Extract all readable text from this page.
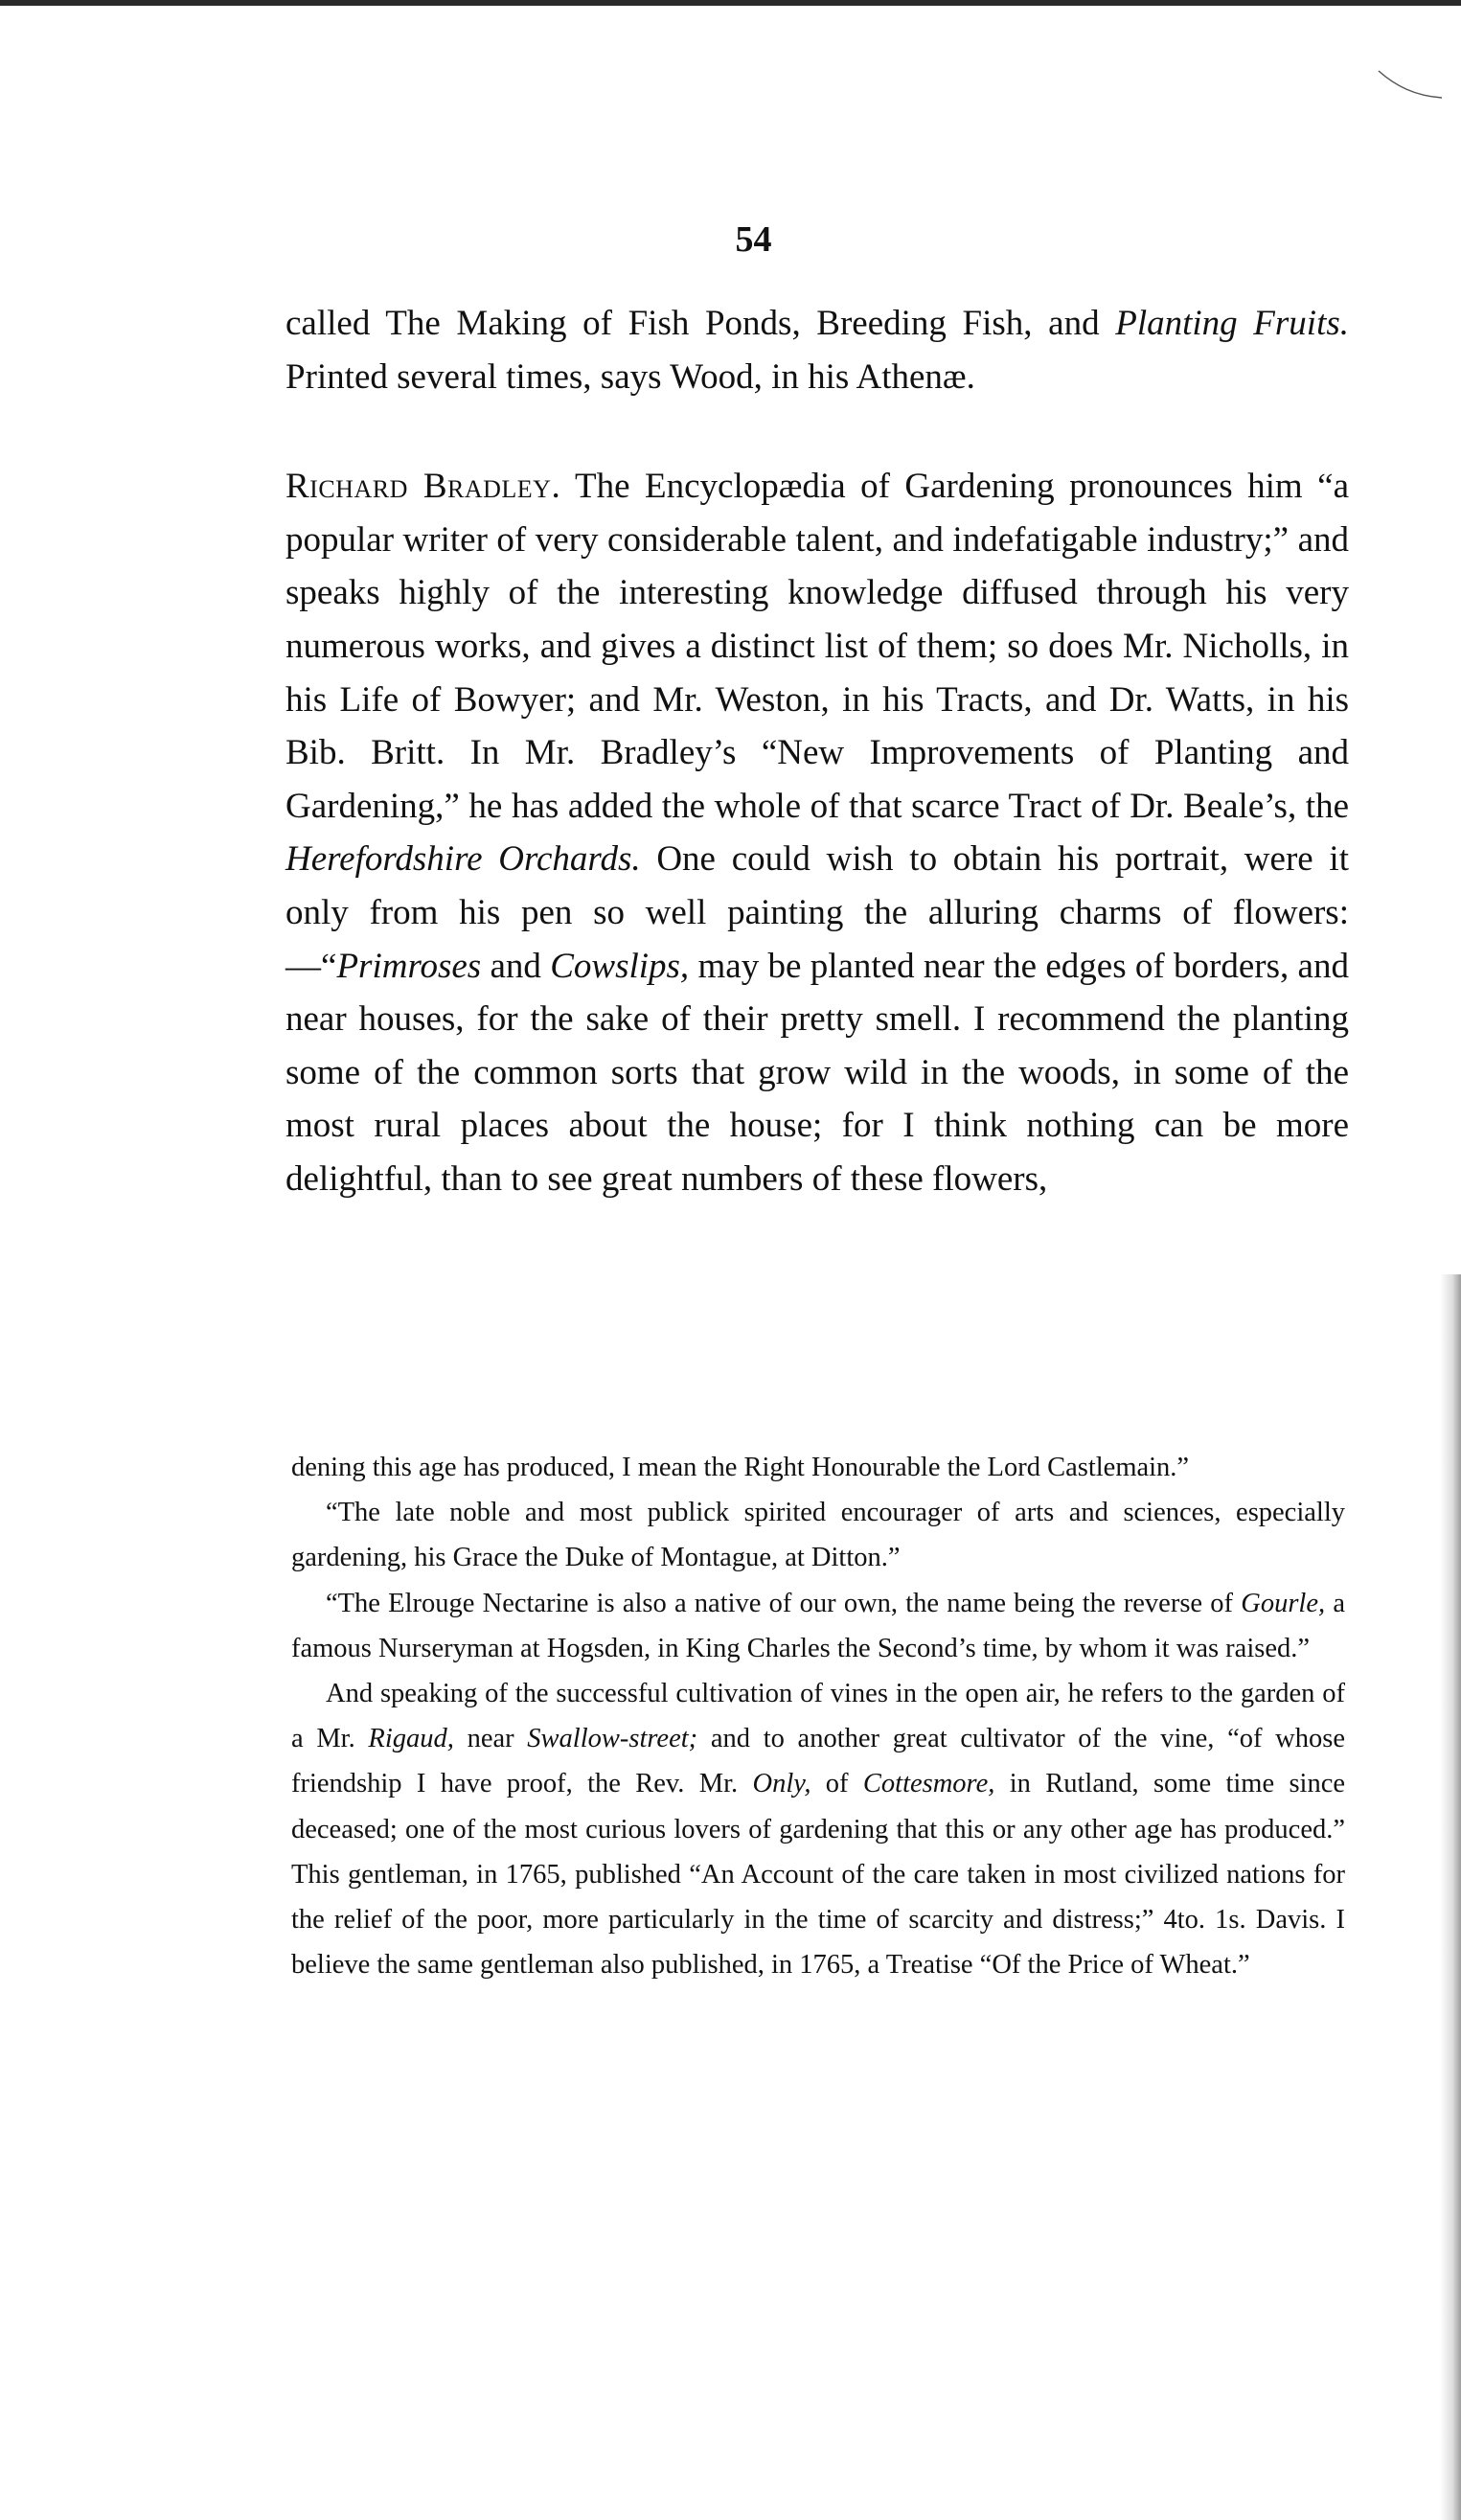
54

called The Making of Fish Ponds, Breeding Fish, and Planting Fruits. Printed several times, says Wood, in his Athenæ.

Richard Bradley. The Encyclopædia of Gardening pronounces him “a popular writer of very considerable talent, and indefatigable industry;” and speaks highly of the interesting knowledge diffused through his very numerous works, and gives a distinct list of them; so does Mr. Nicholls, in his Life of Bowyer; and Mr. Weston, in his Tracts, and Dr. Watts, in his Bib. Britt. In Mr. Bradley’s “New Improvements of Planting and Gardening,” he has added the whole of that scarce Tract of Dr. Beale’s, the Herefordshire Orchards. One could wish to obtain his portrait, were it only from his pen so well painting the alluring charms of flowers:—“Primroses and Cowslips, may be planted near the edges of borders, and near houses, for the sake of their pretty smell. I recommend the planting some of the common sorts that grow wild in the woods, in some of the most rural places about the house; for I think nothing can be more delightful, than to see great numbers of these flowers,

dening this age has produced, I mean the Right Honourable the Lord Castlemain.”

“The late noble and most publick spirited encourager of arts and sciences, especially gardening, his Grace the Duke of Montague, at Ditton.”

“The Elrouge Nectarine is also a native of our own, the name being the reverse of Gourle, a famous Nurseryman at Hogsden, in King Charles the Second’s time, by whom it was raised.”

And speaking of the successful cultivation of vines in the open air, he refers to the garden of a Mr. Rigaud, near Swallow-street; and to another great cultivator of the vine, “of whose friendship I have proof, the Rev. Mr. Only, of Cottesmore, in Rutland, some time since deceased; one of the most curious lovers of gardening that this or any other age has produced.” This gentleman, in 1765, published “An Account of the care taken in most civilized nations for the relief of the poor, more particularly in the time of scarcity and distress;” 4to. 1s. Davis. I believe the same gentleman also published, in 1765, a Treatise “Of the Price of Wheat.”
